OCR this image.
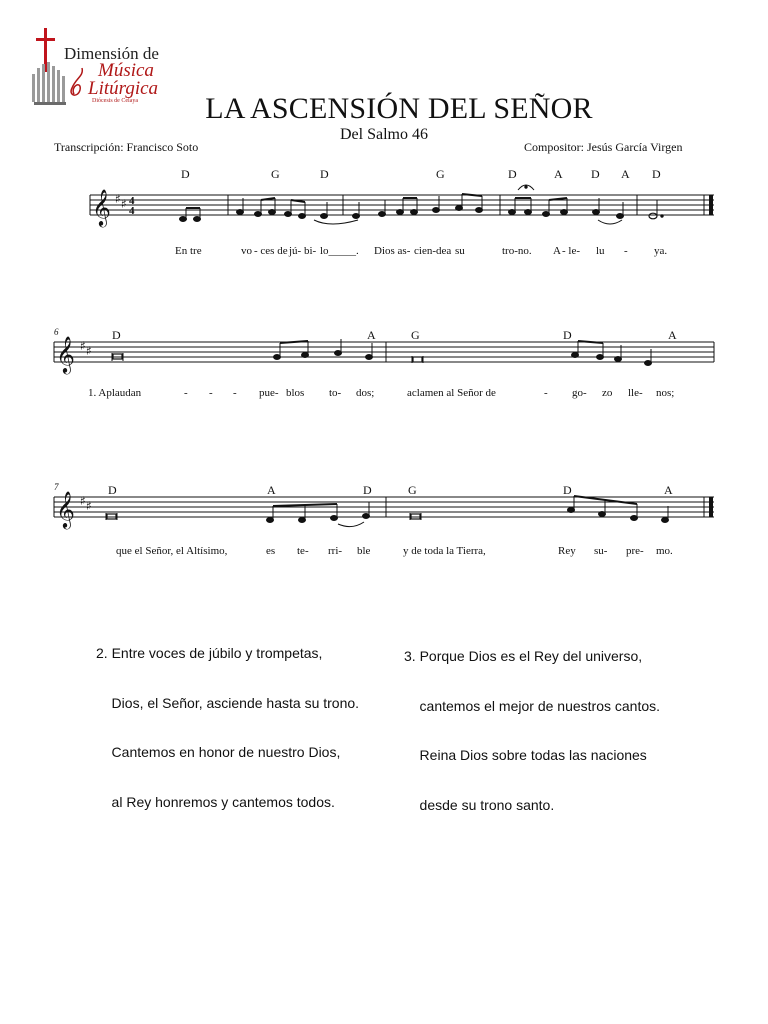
Dimensión de
Música
Litúrgica
Diócesis de Celaya	LA ASCENSIÓN DEL SEÑOR
Del Salmo 46
Transcripción: Francisco Soto	Compositor: Jesús García Virgen
𝄞 ♯ ♯ 4
4
D	G	D	G	D	A D A D
En tre	vo - ces de jú- bi- lo_____. Dios as- cien-dea su	tro-no. A - le- lu - ya.
6
𝄞 ♯ ♯
D	A	G	D	A
1. Aplaudan	- - - pue- blos to- dos;	aclamen al Señor de	- go- zo lle- nos;
7
𝄞 ♯ ♯
D	A	D	G	D	A
que el Señor, el Altísimo,	es te- rri- ble	y de toda la Tierra,	Rey su- pre- mo.

2. Entre voces de júbilo y trompetas,

Dios, el Señor, asciende hasta su trono.

Cantemos en honor de nuestro Dios,

al Rey honremos y cantemos todos.

3. Porque Dios es el Rey del universo,

cantemos el mejor de nuestros cantos.

Reina Dios sobre todas las naciones

desde su trono santo.
